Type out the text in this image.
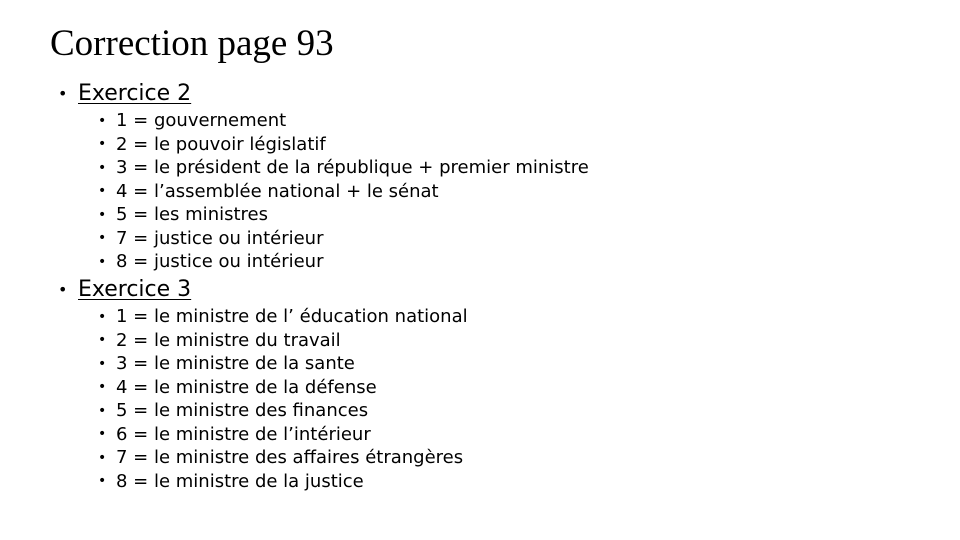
Correction page 93
• Exercice 2
• 1 = gouvernement
• 2 = le pouvoir législatif
• 3 = le président de la république + premier ministre
• 4 = l’assemblée national + le sénat
• 5 = les ministres
• 7 = justice ou intérieur
• 8 = justice ou intérieur
• Exercice 3
• 1 = le ministre de l’ éducation national
• 2 = le ministre du travail
• 3 = le ministre de la sante
• 4 = le ministre de la défense
• 5 = le ministre des finances
• 6 = le ministre de l’intérieur
• 7 = le ministre des affaires étrangères
• 8 = le ministre de la justice
